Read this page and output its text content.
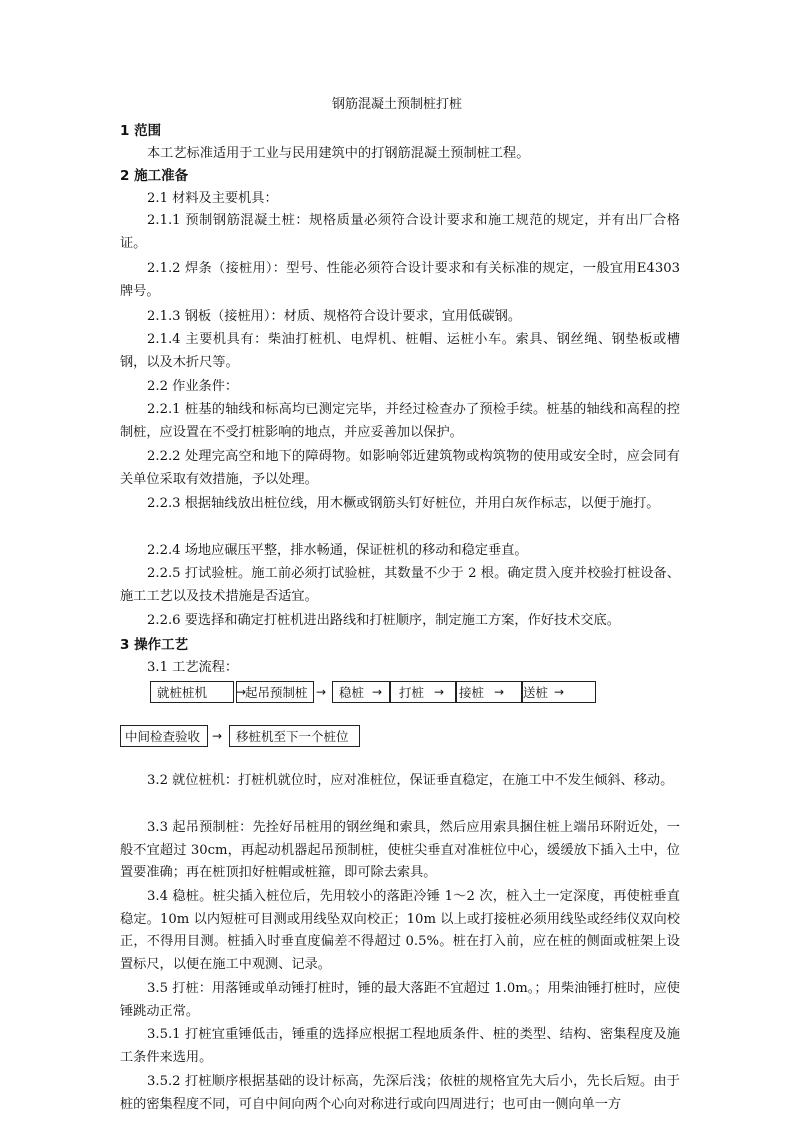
钢筋混凝土预制桩打桩
1 范围
本工艺标准适用于工业与民用建筑中的打钢筋混凝土预制桩工程。
2 施工准备
2.1 材料及主要机具：
2.1.1 预制钢筋混凝土桩：规格质量必须符合设计要求和施工规范的规定，并有出厂合格证。
2.1.2 焊条（接桩用）：型号、性能必须符合设计要求和有关标准的规定，一般宜用E4303 牌号。
2.1.3 钢板（接桩用）：材质、规格符合设计要求，宜用低碳钢。
2.1.4 主要机具有：柴油打桩机、电焊机、桩帽、运桩小车。索具、钢丝绳、钢垫板或槽钢，以及木折尺等。
2.2 作业条件：
2.2.1 桩基的轴线和标高均已测定完毕，并经过检查办了预检手续。桩基的轴线和高程的控制桩，应设置在不受打桩影响的地点，并应妥善加以保护。
2.2.2 处理完高空和地下的障碍物。如影响邻近建筑物或构筑物的使用或安全时，应会同有关单位采取有效措施，予以处理。
2.2.3 根据轴线放出桩位线，用木橛或钢筋头钉好桩位，并用白灰作标志，以便于施打。
2.2.4 场地应碾压平整，排水畅通，保证桩机的移动和稳定垂直。
2.2.5 打试验桩。施工前必须打试验桩，其数量不少于 2 根。确定贯入度并校验打桩设备、施工工艺以及技术措施是否适宜。
2.2.6 要选择和确定打桩机进出路线和打桩顺序，制定施工方案，作好技术交底。
3 操作工艺
3.1 工艺流程：
就桩桩机	→
起吊预制桩 →	稳桩 →	打桩 → 接桩 → 送桩 →
中间检查验收 →	移桩机至下一个桩位
3.2 就位桩机：打桩机就位时，应对准桩位，保证垂直稳定，在施工中不发生倾斜、移动。
3.3 起吊预制桩：先拴好吊桩用的钢丝绳和索具，然后应用索具捆住桩上端吊环附近处，一般不宜超过 30cm，再起动机器起吊预制桩，使桩尖垂直对准桩位中心，缓缓放下插入土中，位置要准确；再在桩顶扣好桩帽或桩箍，即可除去索具。
3.4 稳桩。桩尖插入桩位后，先用较小的落距冷锤 1～2 次，桩入土一定深度，再使桩垂直稳定。10m 以内短桩可目测或用线坠双向校正；10m 以上或打接桩必须用线坠或经纬仪双向校正，不得用目测。桩插入时垂直度偏差不得超过 0.5%。桩在打入前，应在桩的侧面或桩架上设置标尺，以便在施工中观测、记录。
3.5 打桩：用落锤或单动锤打桩时，锤的最大落距不宜超过 1.0m。；用柴油锤打桩时，应使锤跳动正常。
3.5.1 打桩宜重锤低击，锤重的选择应根据工程地质条件、桩的类型、结构、密集程度及施工条件来选用。
3.5.2 打桩顺序根据基础的设计标高，先深后浅；依桩的规格宜先大后小，先长后短。由于桩的密集程度不同，可自中间向两个心向对称进行或向四周进行；也可由一侧向单一方
